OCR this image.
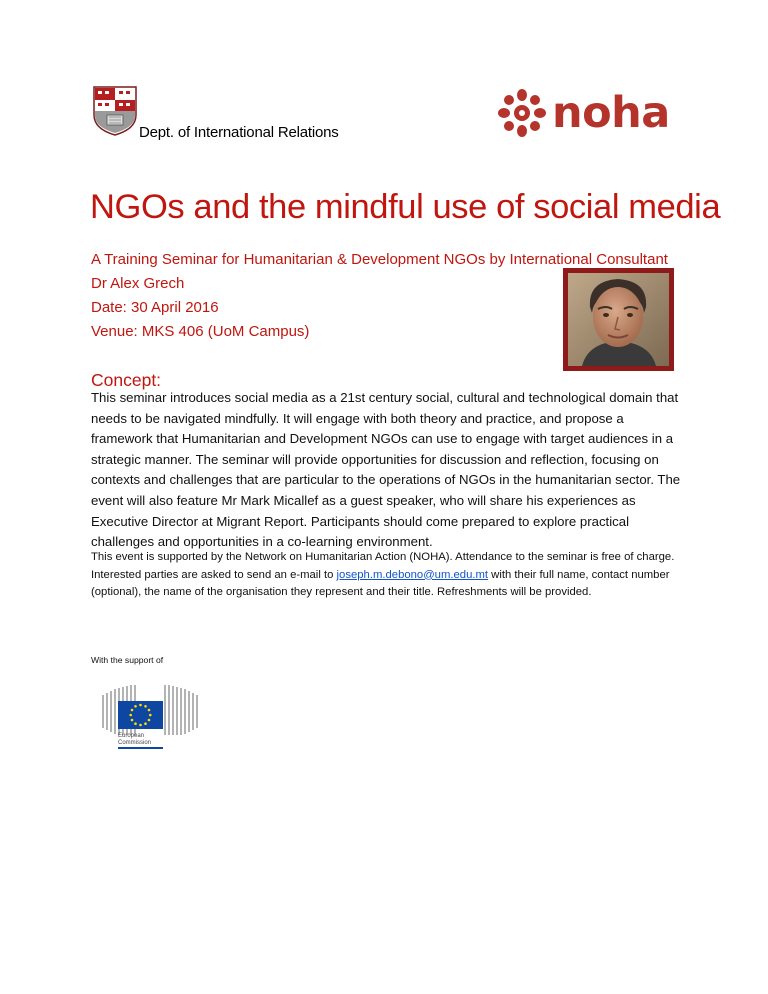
Dept. of International Relations	noha
NGOs and the mindful use of social media
A Training Seminar for Humanitarian & Development NGOs by International Consultant
Dr Alex Grech
Date: 30 April 2016
Venue: MKS 406 (UoM Campus)
Concept:

This seminar introduces social media as a 21st century social, cultural and technological domain that needs to be navigated mindfully. It will engage with both theory and practice, and propose a framework that Humanitarian and Development NGOs can use to engage with target audiences in a strategic manner. The seminar will provide opportunities for discussion and reflection, focusing on contexts and challenges that are particular to the operations of NGOs in the humanitarian sector. The event will also feature Mr Mark Micallef as a guest speaker, who will share his experiences as Executive Director at Migrant Report. Participants should come prepared to explore practical challenges and opportunities in a co-learning environment.

This event is supported by the Network on Humanitarian Action (NOHA). Attendance to the seminar is free of charge. Interested parties are asked to send an e-mail to joseph.m.debono@um.edu.mt with their full name, contact number (optional), the name of the organisation they represent and their title. Refreshments will be provided.
With the support of
European
Commission
